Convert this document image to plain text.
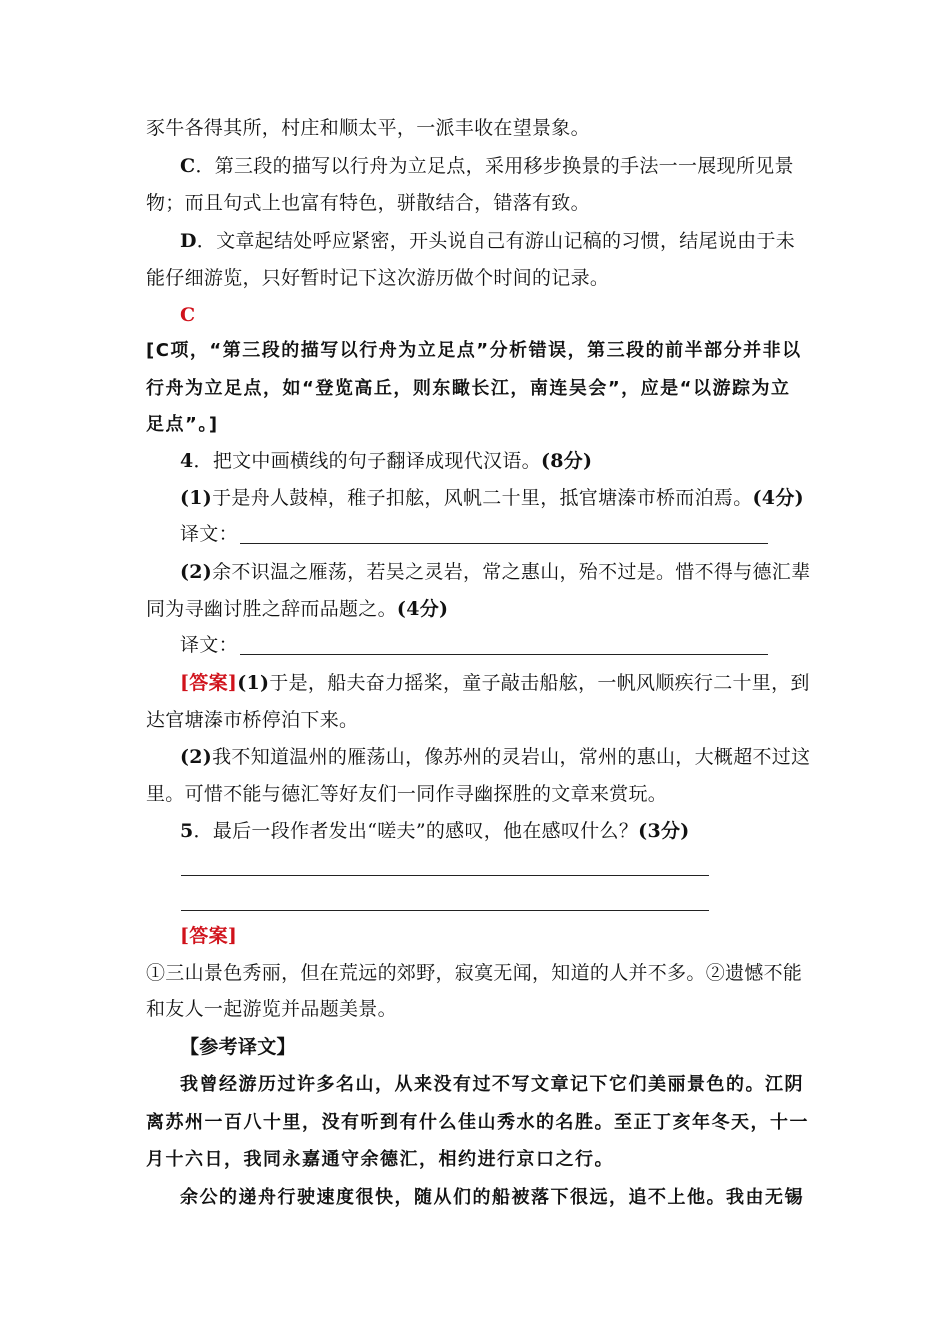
豕牛各得其所，村庄和顺太平，一派丰收在望景象。
C．第三段的描写以行舟为立足点，采用移步换景的手法一一展现所见景
物；而且句式上也富有特色，骈散结合，错落有致。
D．文章起结处呼应紧密，开头说自己有游山记稿的习惯，结尾说由于未
能仔细游览，只好暂时记下这次游历做个时间的记录。
C
[C项，“第三段的描写以行舟为立足点”分析错误，第三段的前半部分并非以
行舟为立足点，如“登览高丘，则东瞰长江，南连吴会”，应是“以游踪为立
足点”。]
4．把文中画横线的句子翻译成现代汉语。(8分)
(1)于是舟人鼓棹，稚子扣舷，风帆二十里，抵官塘溱市桥而泊焉。(4分)
译文：
(2)余不识温之雁荡，若吴之灵岩，常之惠山，殆不过是。惜不得与德汇辈
同为寻幽讨胜之辞而品题之。(4分)
译文：
[答案](1)于是，船夫奋力摇桨，童子敲击船舷，一帆风顺疾行二十里，到
达官塘溱市桥停泊下来。
(2)我不知道温州的雁荡山，像苏州的灵岩山，常州的惠山，大概超不过这
里。可惜不能与德汇等好友们一同作寻幽探胜的文章来赏玩。
5．最后一段作者发出“嗟夫”的感叹，他在感叹什么？(3分)
[答案]
①三山景色秀丽，但在荒远的郊野，寂寞无闻，知道的人并不多。②遗憾不能
和友人一起游览并品题美景。
【参考译文】
我曾经游历过许多名山，从来没有过不写文章记下它们美丽景色的。江阴
离苏州一百八十里，没有听到有什么佳山秀水的名胜。至正丁亥年冬天，十一
月十六日，我同永嘉通守余德汇，相约进行京口之行。
余公的递舟行驶速度很快，随从们的船被落下很远，追不上他。我由无锡
